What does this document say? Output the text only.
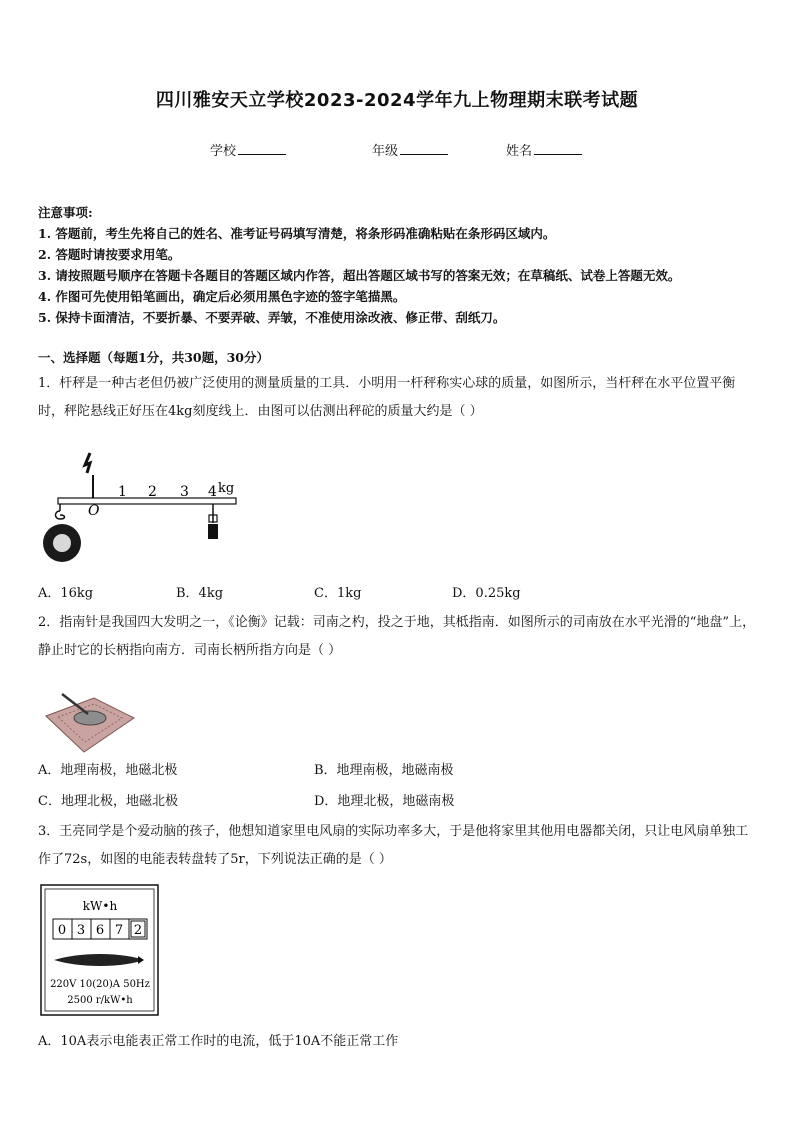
四川雅安天立学校2023-2024学年九上物理期末联考试题
学校	年级	姓名
注意事项:
1. 答题前，考生先将自己的姓名、准考证号码填写清楚，将条形码准确粘贴在条形码区域内。
2. 答题时请按要求用笔。
3. 请按照题号顺序在答题卡各题目的答题区域内作答，超出答题区域书写的答案无效；在草稿纸、试卷上答题无效。
4. 作图可先使用铅笔画出，确定后必须用黑色字迹的签字笔描黑。
5. 保持卡面清洁，不要折暴、不要弄破、弄皱，不准使用涂改液、修正带、刮纸刀。
一、选择题（每题1分，共30题，30分）
1．杆秤是一种古老但仍被广泛使用的测量质量的工具．小明用一杆秤称实心球的质量，如图所示，当杆秤在水平位置平衡时，秤陀悬线正好压在4kg刻度线上．由图可以估测出秤砣的质量大约是（ ）
O
1 2 3 4 kg
A．16kg	B．4kg	C．1kg	D．0.25kg
2．指南针是我国四大发明之一，《论衡》记载：司南之杓，投之于地，其柢指南．如图所示的司南放在水平光滑的“地盘”上，静止时它的长柄指向南方．司南长柄所指方向是（ ）
A．地理南极，地磁北极	B．地理南极，地磁南极
C．地理北极，地磁北极	D．地理北极，地磁南极
3．王亮同学是个爱动脑的孩子，他想知道家里电风扇的实际功率多大，于是他将家里其他用电器都关闭，只让电风扇单独工作了72s，如图的电能表转盘转了5r，下列说法正确的是（ ）
kW•h
0 3 6 7 2
220V 10(20)A 50Hz
2500 r/kW•h
A．10A表示电能表正常工作时的电流，低于10A不能正常工作
